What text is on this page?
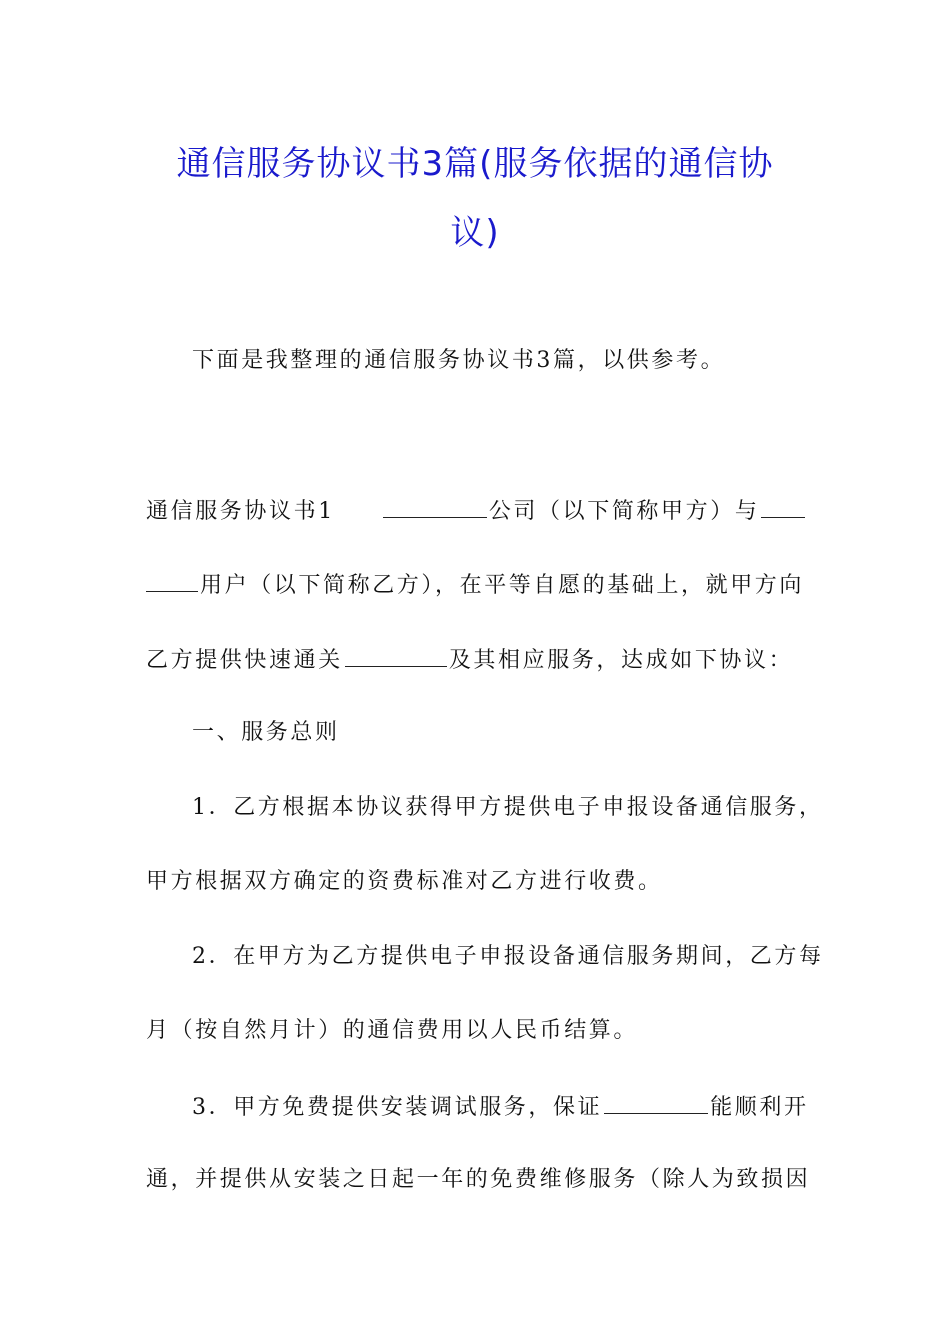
通信服务协议书3篇(服务依据的通信协
议)
下面是我整理的通信服务协议书3篇，以供参考。
通信服务协议书1	公司（以下简称甲方）与
用户（以下简称乙方），在平等自愿的基础上，就甲方向
乙方提供快速通关	及其相应服务，达成如下协议：
一、服务总则
1．乙方根据本协议获得甲方提供电子申报设备通信服务，
甲方根据双方确定的资费标准对乙方进行收费。
2．在甲方为乙方提供电子申报设备通信服务期间，乙方每
月（按自然月计）的通信费用以人民币结算。
3．甲方免费提供安装调试服务，保证	能顺利开
通，并提供从安装之日起一年的免费维修服务（除人为致损因
